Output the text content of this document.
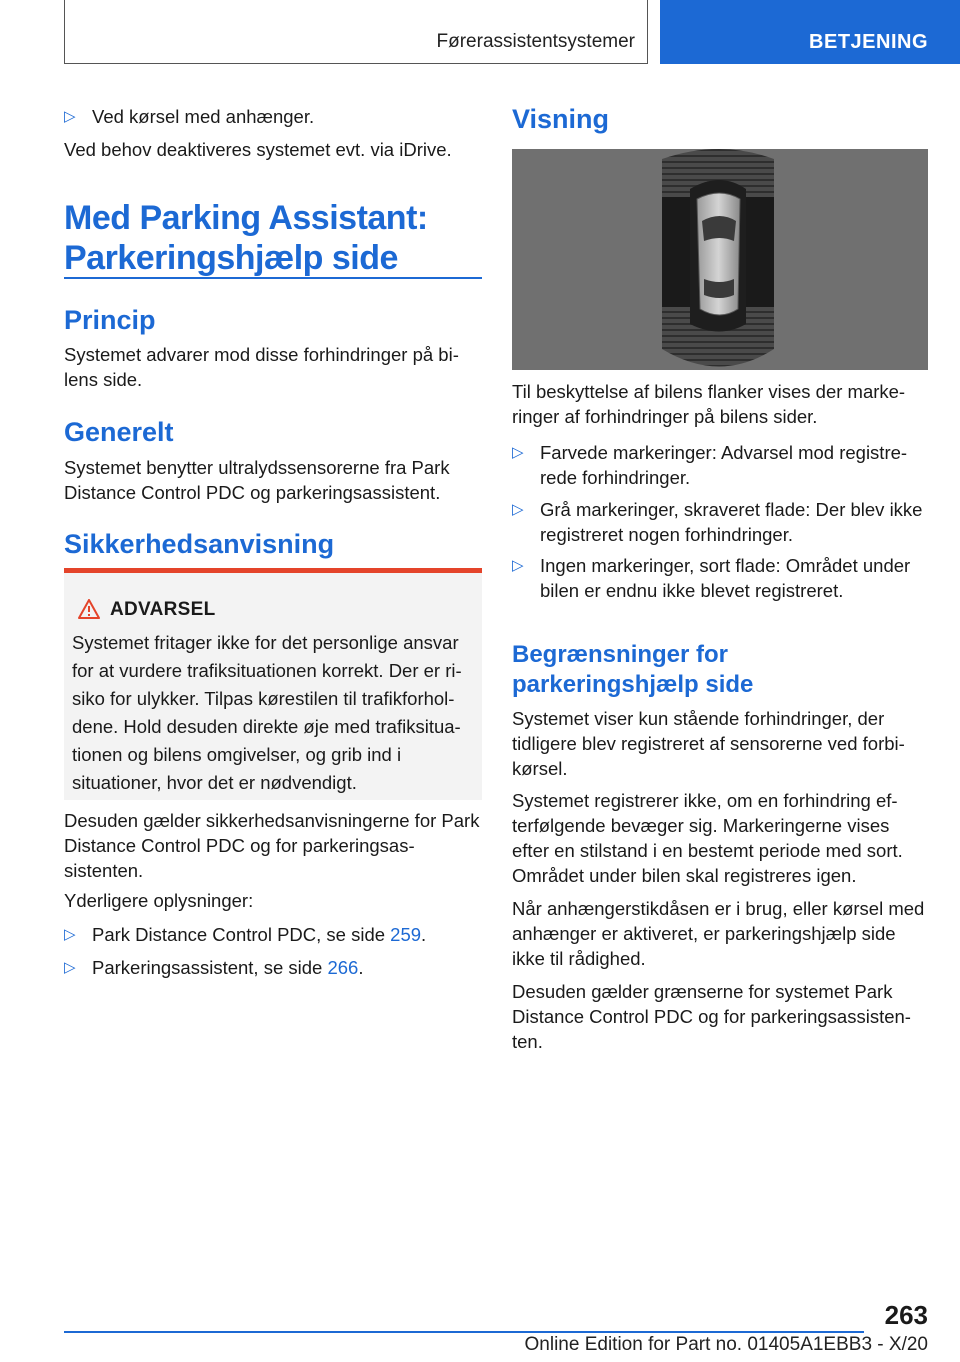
Førerassistentsystemer	BETJENING
▷ Ved kørsel med anhænger.

Ved behov deaktiveres systemet evt. via iDrive.

Med Parking Assistant:
Parkeringshjælp side
Princip

Systemet advarer mod disse forhindringer på bi-lens side.

Generelt

Systemet benytter ultralydssensorerne fra Park Distance Control PDC og parkeringsassistent.

Sikkerhedsanvisning
ADVARSEL
Systemet fritager ikke for det personlige ansvar for at vurdere trafiksituationen korrekt. Der er ri-siko for ulykker. Tilpas kørestilen til trafikforhol-dene. Hold desuden direkte øje med trafiksitua-tionen og bilens omgivelser, og grib ind i situationer, hvor det er nødvendigt.

Desuden gælder sikkerhedsanvisningerne for Park Distance Control PDC og for parkeringsas-sistenten.

Yderligere oplysninger:

▷ Park Distance Control PDC, se side 259.
▷ Parkeringsassistent, se side 266.
Visning

Til beskyttelse af bilens flanker vises der marke-ringer af forhindringer på bilens sider.

▷ Farvede markeringer: Advarsel mod registre-rede forhindringer.
▷ Grå markeringer, skraveret flade: Der blev ikke registreret nogen forhindringer.
▷ Ingen markeringer, sort flade: Området under bilen er endnu ikke blevet registreret.
Begrænsninger for
parkeringshjælp side

Systemet viser kun stående forhindringer, der tidligere blev registreret af sensorerne ved forbi-kørsel.

Systemet registrerer ikke, om en forhindring ef-terfølgende bevæger sig. Markeringerne vises efter en stilstand i en bestemt periode med sort. Området under bilen skal registreres igen.

Når anhængerstikdåsen er i brug, eller kørsel med anhænger er aktiveret, er parkeringshjælp side ikke til rådighed.

Desuden gælder grænserne for systemet Park Distance Control PDC og for parkeringsassisten-ten.

263
Online Edition for Part no. 01405A1EBB3 - X/20
